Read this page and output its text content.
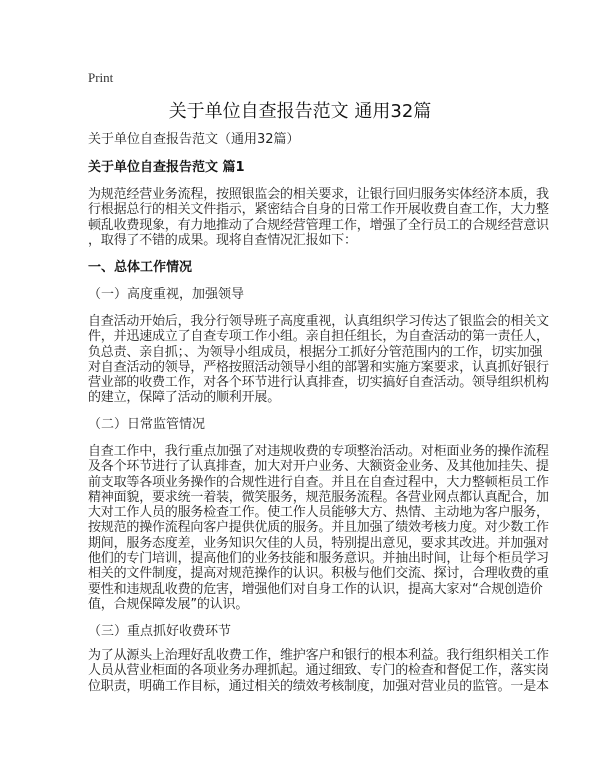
Print
关于单位自查报告范文 通用32篇
关于单位自查报告范文（通用32篇）
关于单位自查报告范文 篇1
为规范经营业务流程，按照银监会的相关要求，让银行回归服务实体经济本质，我
行根据总行的相关文件指示，紧密结合自身的日常工作开展收费自查工作，大力整
顿乱收费现象，有力地推动了合规经营管理工作，增强了全行员工的合规经营意识
，取得了不错的成果。现将自查情况汇报如下：
一、总体工作情况
（一）高度重视，加强领导
自查活动开始后，我分行领导班子高度重视，认真组织学习传达了银监会的相关文
件，并迅速成立了自查专项工作小组。亲自担任组长，为自查活动的第一责任人，
负总责、亲自抓；、为领导小组成员，根据分工抓好分管范围内的工作，切实加强
对自查活动的领导，严格按照活动领导小组的部署和实施方案要求，认真抓好银行
营业部的收费工作，对各个环节进行认真排查，切实搞好自查活动。领导组织机构
的建立，保障了活动的顺利开展。
（二）日常监管情况
自查工作中，我行重点加强了对违规收费的专项整治活动。对柜面业务的操作流程
及各个环节进行了认真排查，加大对开户业务、大额资金业务、及其他加挂失、提
前支取等各项业务操作的合规性进行自查。并且在自查过程中，大力整顿柜员工作
精神面貌，要求统一着装，微笑服务，规范服务流程。各营业网点都认真配合，加
大对工作人员的服务检查工作。使工作人员能够大方、热情、主动地为客户服务，
按规范的操作流程向客户提供优质的服务。并且加强了绩效考核力度。对少数工作
期间，服务态度差，业务知识欠佳的人员，特别提出意见，要求其改进。并加强对
他们的专门培训，提高他们的业务技能和服务意识。并抽出时间，让每个柜员学习
相关的文件制度，提高对规范操作的认识。积极与他们交流、探讨，合理收费的重
要性和违规乱收费的危害，增强他们对自身工作的认识，提高大家对“合规创造价
值，合规保障发展”的认识。
（三）重点抓好收费环节
为了从源头上治理好乱收费工作，维护客户和银行的根本利益。我行组织相关工作
人员从营业柜面的各项业务办理抓起。通过细致、专门的检查和督促工作，落实岗
位职责，明确工作目标，通过相关的绩效考核制度，加强对营业员的监管。一是本
